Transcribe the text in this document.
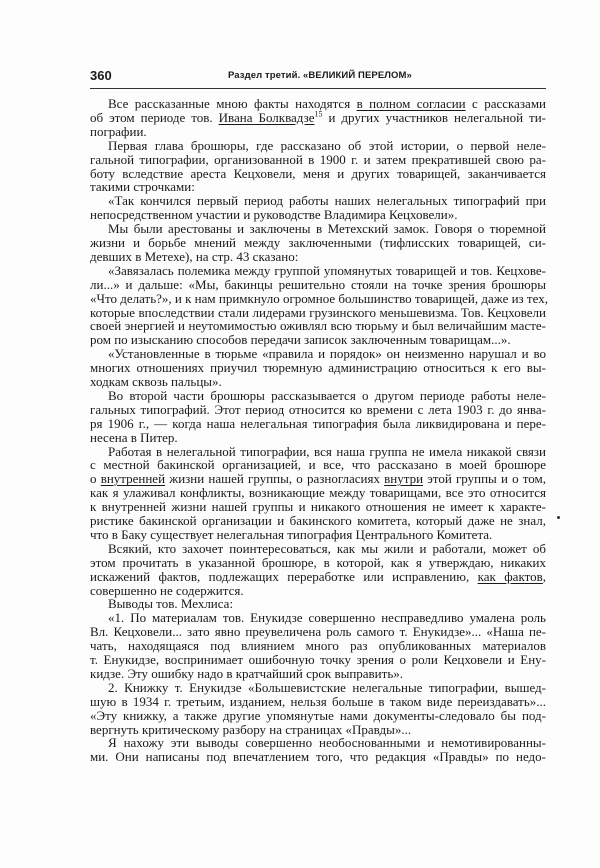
360	Раздел третий. «ВЕЛИКИЙ ПЕРЕЛОМ»
Все рассказанные мною факты находятся в полном согласии с рассказами
об этом периоде тов. Ивана Болквадзе$^{15}$ и других участников нелегальной ти-
пографии.
Первая глава брошюры, где рассказано об этой истории, о первой неле-
гальной типографии, организованной в 1900 г. и затем прекратившей свою ра-
боту вследствие ареста Кецховели, меня и других товарищей, заканчивается
такими строчками:
«Так кончился первый период работы наших нелегальных типографий при
непосредственном участии и руководстве Владимира Кецховели».
Мы были арестованы и заключены в Метехский замок. Говоря о тюремной
жизни и борьбе мнений между заключенными (тифлисских товарищей, си-
девших в Метехе), на стр. 43 сказано:
«Завязалась полемика между группой упомянутых товарищей и тов. Кецхове-
ли...» и дальше: «Мы, бакинцы решительно стояли на точке зрения брошюры
«Что делать?», и к нам примкнуло огромное большинство товарищей, даже из тех,
которые впоследствии стали лидерами грузинского меньшевизма. Тов. Кецховели
своей энергией и неутомимостью оживлял всю тюрьму и был величайшим масте-
ром по изысканию способов передачи записок заключенным товарищам...».
«Установленные в тюрьме «правила и порядок» он неизменно нарушал и во
многих отношениях приучил тюремную администрацию относиться к его вы-
ходкам сквозь пальцы».
Во второй части брошюры рассказывается о другом периоде работы неле-
гальных типографий. Этот период относится ко времени с лета 1903 г. до янва-
ря 1906 г., — когда наша нелегальная типография была ликвидирована и пере-
несена в Питер.
Работая в нелегальной типографии, вся наша группа не имела никакой связи
с местной бакинской организацией, и все, что рассказано в моей брошюре
о внутренней жизни нашей группы, о разногласиях внутри этой группы и о том,
как я улаживал конфликты, возникающие между товарищами, все это относится
к внутренней жизни нашей группы и никакого отношения не имеет к характе-
ристике бакинской организации и бакинского комитета, который даже не знал,
что в Баку существует нелегальная типография Центрального Комитета.
Всякий, кто захочет поинтересоваться, как мы жили и работали, может об
этом прочитать в указанной брошюре, в которой, как я утверждаю, никаких
искажений фактов, подлежащих переработке или исправлению, как фактов,
совершенно не содержится.
Выводы тов. Мехлиса:
«1. По материалам тов. Енукидзе совершенно несправедливо умалена роль
Вл. Кецховели... зато явно преувеличена роль самого т. Енукидзе»... «Наша пе-
чать, находящаяся под влиянием много раз опубликованных материалов
т. Енукидзе, воспринимает ошибочную точку зрения о роли Кецховели и Ену-
кидзе. Эту ошибку надо в кратчайший срок выправить».
2. Книжку т. Енукидзе «Большевистские нелегальные типографии, вышед-
шую в 1934 г. третьим, изданием, нельзя больше в таком виде переиздавать»...
«Эту книжку, а также другие упомянутые нами документы-следовало бы под-
вергнуть критическому разбору на страницах «Правды»...
Я нахожу эти выводы совершенно необоснованными и немотивированны-
ми. Они написаны под впечатлением того, что редакция «Правды» по недо-
